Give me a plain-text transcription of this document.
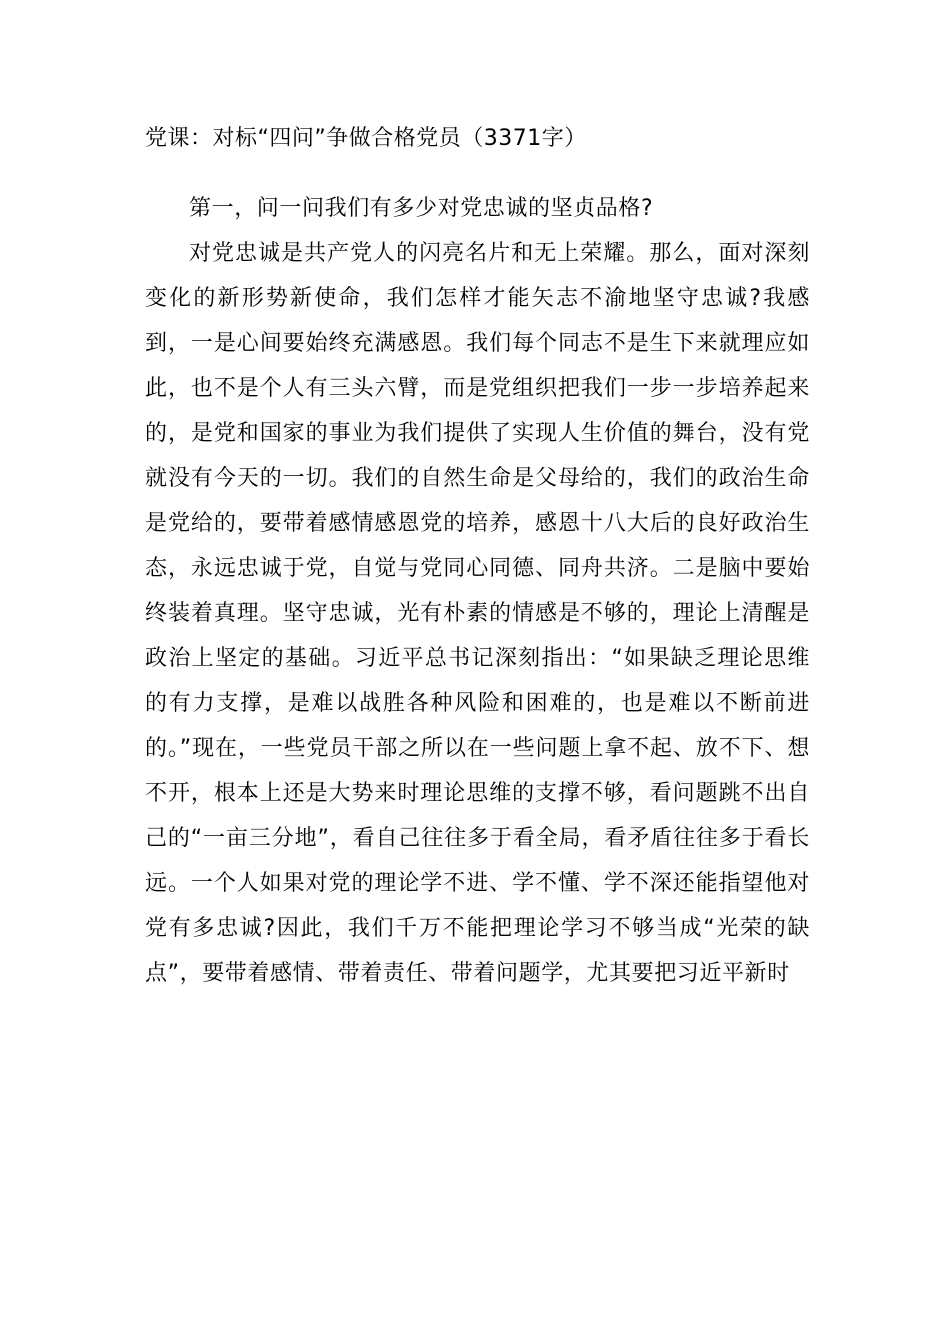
党课：对标“四问”争做合格党员（3371字）

第一，问一问我们有多少对党忠诚的坚贞品格?

对党忠诚是共产党人的闪亮名片和无上荣耀。那么，面对深刻变化的新形势新使命，我们怎样才能矢志不渝地坚守忠诚?我感到，一是心间要始终充满感恩。我们每个同志不是生下来就理应如此，也不是个人有三头六臂，而是党组织把我们一步一步培养起来的，是党和国家的事业为我们提供了实现人生价值的舞台，没有党就没有今天的一切。我们的自然生命是父母给的，我们的政治生命是党给的，要带着感情感恩党的培养，感恩十八大后的良好政治生态，永远忠诚于党，自觉与党同心同德、同舟共济。二是脑中要始终装着真理。坚守忠诚，光有朴素的情感是不够的，理论上清醒是政治上坚定的基础。习近平总书记深刻指出：“如果缺乏理论思维的有力支撑，是难以战胜各种风险和困难的，也是难以不断前进的。”现在，一些党员干部之所以在一些问题上拿不起、放不下、想不开，根本上还是大势来时理论思维的支撑不够，看问题跳不出自己的“一亩三分地”，看自己往往多于看全局，看矛盾往往多于看长远。一个人如果对党的理论学不进、学不懂、学不深还能指望他对党有多忠诚?因此，我们千万不能把理论学习不够当成“光荣的缺点”，要带着感情、带着责任、带着问题学，尤其要把习近平新时
